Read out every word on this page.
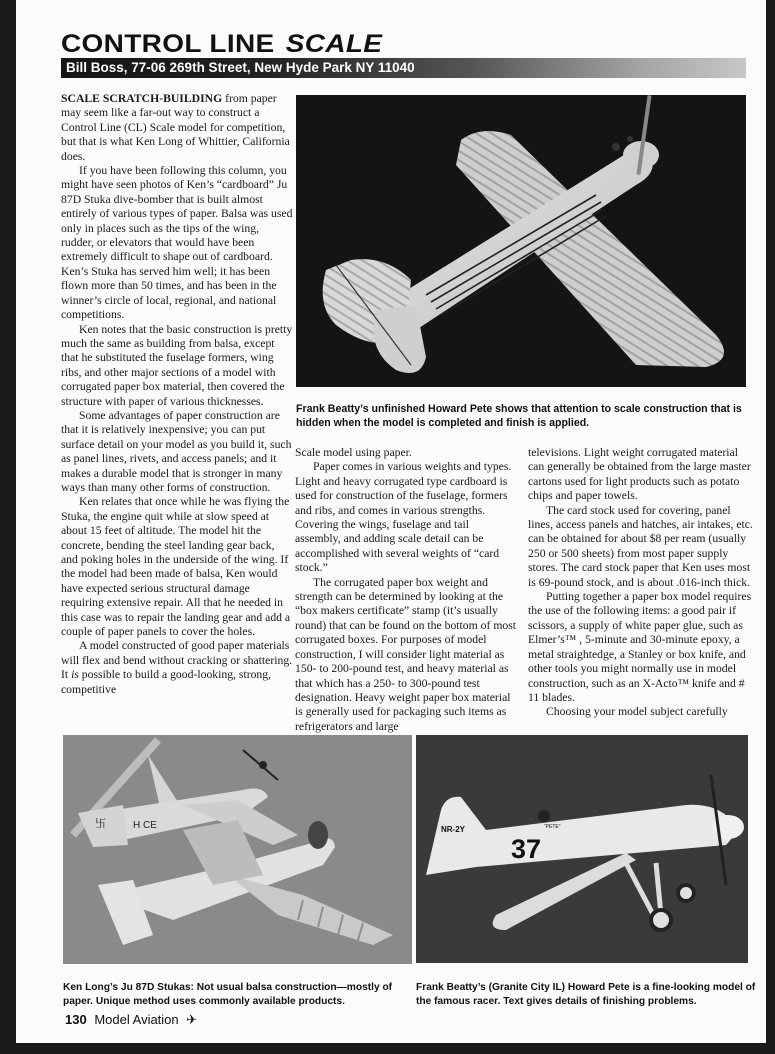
CONTROL LINE SCALE
Bill Boss, 77-06 269th Street, New Hyde Park NY 11040

SCALE SCRATCH-BUILDING from paper may seem like a far-out way to construct a Control Line (CL) Scale model for competition, but that is what Ken Long of Whittier, California does.

If you have been following this column, you might have seen photos of Ken’s “cardboard” Ju 87D Stuka dive-bomber that is built almost entirely of various types of paper. Balsa was used only in places such as the tips of the wing, rudder, or elevators that would have been extremely difficult to shape out of cardboard. Ken’s Stuka has served him well; it has been flown more than 50 times, and has been in the winner’s circle of local, regional, and national competitions.

Ken notes that the basic construction is pretty much the same as building from balsa, except that he substituted the fuselage formers, wing ribs, and other major sections of a model with corrugated paper box material, then covered the structure with paper of various thicknesses.

Some advantages of paper construction are that it is relatively inexpensive; you can put surface detail on your model as you build it, such as panel lines, rivets, and access panels; and it makes a durable model that is stronger in many ways than many other forms of construction.

Ken relates that once while he was flying the Stuka, the engine quit while at slow speed at about 15 feet of altitude. The model hit the concrete, bending the steel landing gear back, and poking holes in the underside of the wing. If the model had been made of balsa, Ken would have expected serious structural damage requiring extensive repair. All that he needed in this case was to repair the landing gear and add a couple of paper panels to cover the holes.

A model constructed of good paper materials will flex and bend without cracking or shattering. It is possible to build a good-looking, strong, competitive

Frank Beatty’s unfinished Howard Pete shows that attention to scale construction that is hidden when the model is completed and finish is applied.

Scale model using paper.

Paper comes in various weights and types. Light and heavy corrugated type cardboard is used for construction of the fuselage, formers and ribs, and comes in various strengths. Covering the wings, fuselage and tail assembly, and adding scale detail can be accomplished with several weights of “card stock.”

The corrugated paper box weight and strength can be determined by looking at the “box makers certificate” stamp (it’s usually round) that can be found on the bottom of most corrugated boxes. For purposes of model construction, I will consider light material as 150- to 200-pound test, and heavy material as that which has a 250- to 300-pound test designation. Heavy weight paper box material is generally used for packaging such items as refrigerators and large

televisions. Light weight corrugated material can generally be obtained from the large master cartons used for light products such as potato chips and paper towels.

The card stock used for covering, panel lines, access panels and hatches, air intakes, etc. can be obtained for about $8 per ream (usually 250 or 500 sheets) from most paper supply stores. The card stock paper that Ken uses most is 69-pound stock, and is about .016-inch thick.

Putting together a paper box model requires the use of the following items: a good pair if scissors, a supply of white paper glue, such as Elmer’s™ , 5-minute and 30-minute epoxy, a metal straightedge, a Stanley or box knife, and other tools you might normally use in model construction, such as an X-Acto™ knife and # 11 blades.

Choosing your model subject carefully

卐	H CE
37
NR-2Y	“PETE”
Ken Long’s Ju 87D Stukas: Not usual balsa construction—mostly of paper. Unique method uses commonly available products.
Frank Beatty’s (Granite City IL) Howard Pete is a fine-looking model of the famous racer. Text gives details of finishing problems.
130 Model Aviation ✈
